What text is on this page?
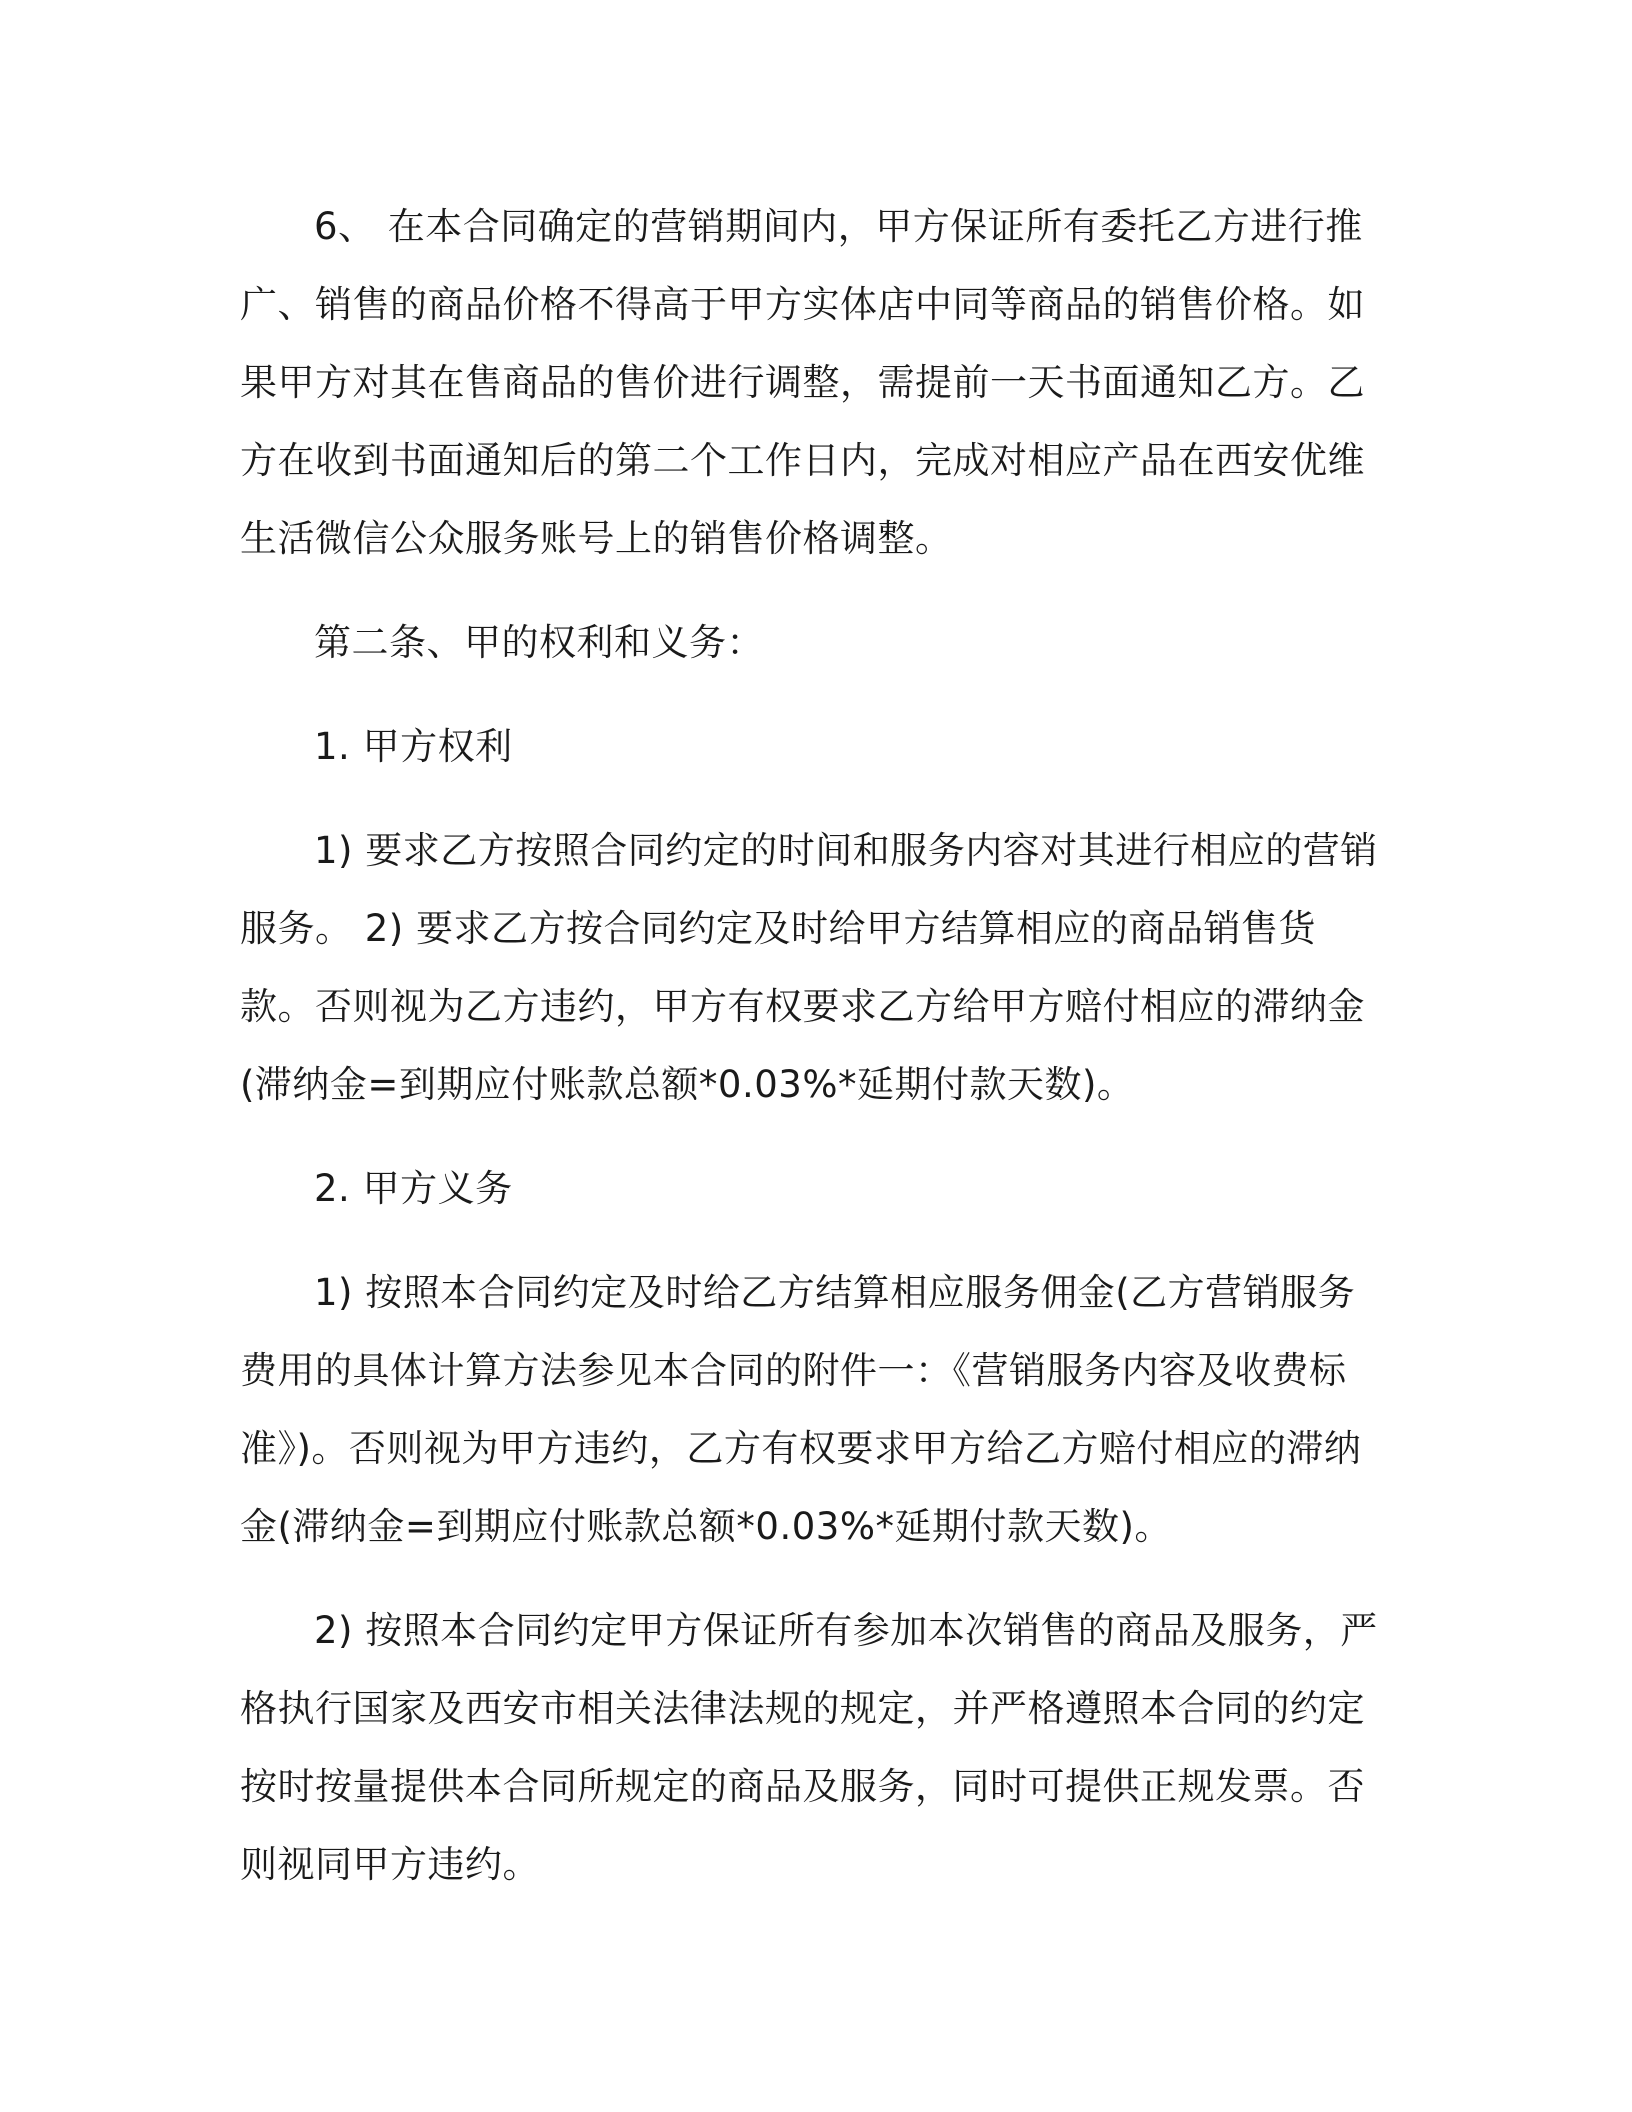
6、 在本合同确定的营销期间内，甲方保证所有委托乙方进行推广、销售的商品价格不得高于甲方实体店中同等商品的销售价格。如果甲方对其在售商品的售价进行调整，需提前一天书面通知乙方。乙方在收到书面通知后的第二个工作日内，完成对相应产品在西安优维生活微信公众服务账号上的销售价格调整。

第二条、甲的权利和义务：

1. 甲方权利

1) 要求乙方按照合同约定的时间和服务内容对其进行相应的营销服务。 2) 要求乙方按合同约定及时给甲方结算相应的商品销售货款。否则视为乙方违约，甲方有权要求乙方给甲方赔付相应的滞纳金(滞纳金=到期应付账款总额*0.03%*延期付款天数)。

2. 甲方义务

1) 按照本合同约定及时给乙方结算相应服务佣金(乙方营销服务费用的具体计算方法参见本合同的附件一：《营销服务内容及收费标准》)。否则视为甲方违约，乙方有权要求甲方给乙方赔付相应的滞纳金(滞纳金=到期应付账款总额*0.03%*延期付款天数)。

2) 按照本合同约定甲方保证所有参加本次销售的商品及服务，严格执行国家及西安市相关法律法规的规定，并严格遵照本合同的约定按时按量提供本合同所规定的商品及服务，同时可提供正规发票。否则视同甲方违约。
